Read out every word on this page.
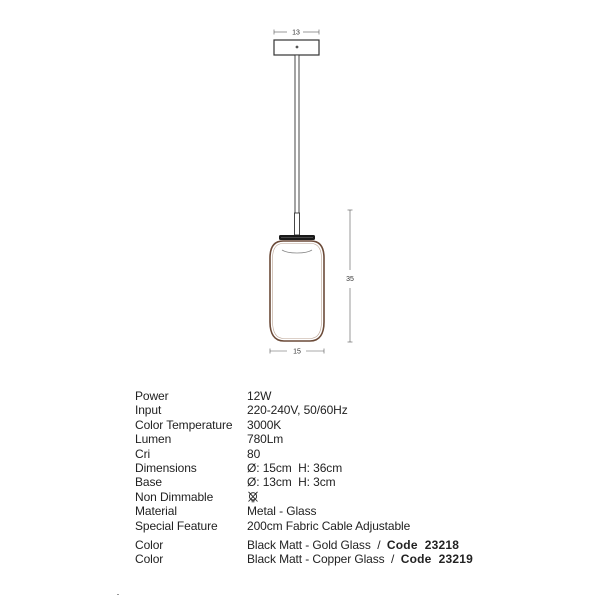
13
35
15
Power	12W
Input	220-240V, 50/60Hz
Color Temperature	3000K
Lumen	780Lm
Cri	80
Dimensions	Ø: 15cm  H: 36cm
Base	Ø: 13cm  H: 3cm
Non Dimmable
Material	Metal - Glass
Special Feature	200cm Fabric Cable Adjustable
Color	Black Matt - Gold Glass  /  Code  23218
Color	Black Matt - Copper Glass  /  Code  23219
